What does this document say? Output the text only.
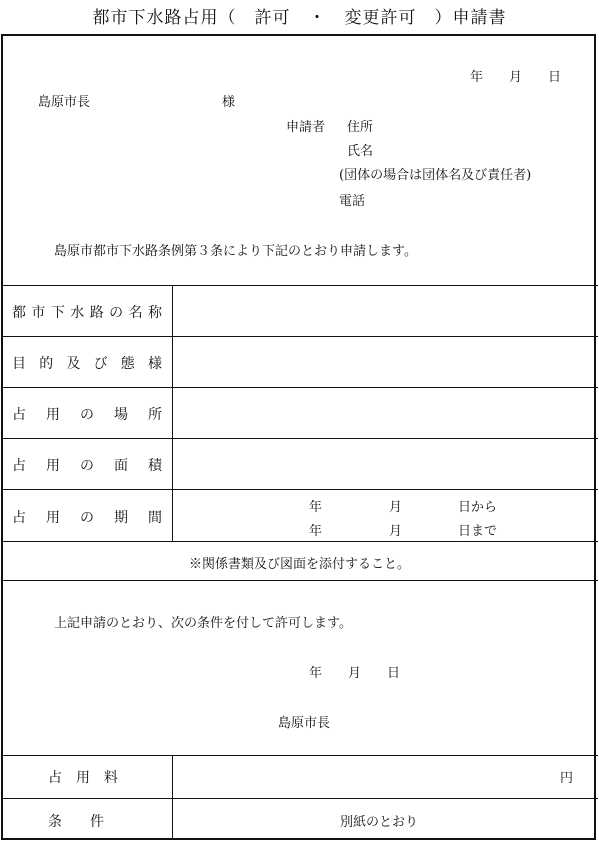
都市下水路占用（　許可　・　変更許可　）申請書
年　　月　　日
島原市長	様
申請者 住所
氏名
(団体の場合は団体名及び責任者)
電話
島原市都市下水路条例第３条により下記のとおり申請します。
都市下水路の名称
目的及び態様
占用の場所
占用の面積
占用の期間
年	月	日から
年	月	日まで
※関係書類及び図面を添付すること。
上記申請のとおり、次の条件を付して許可します。
年　　月　　日
島原市長
占　用　料	円
条　　件	別紙のとおり
